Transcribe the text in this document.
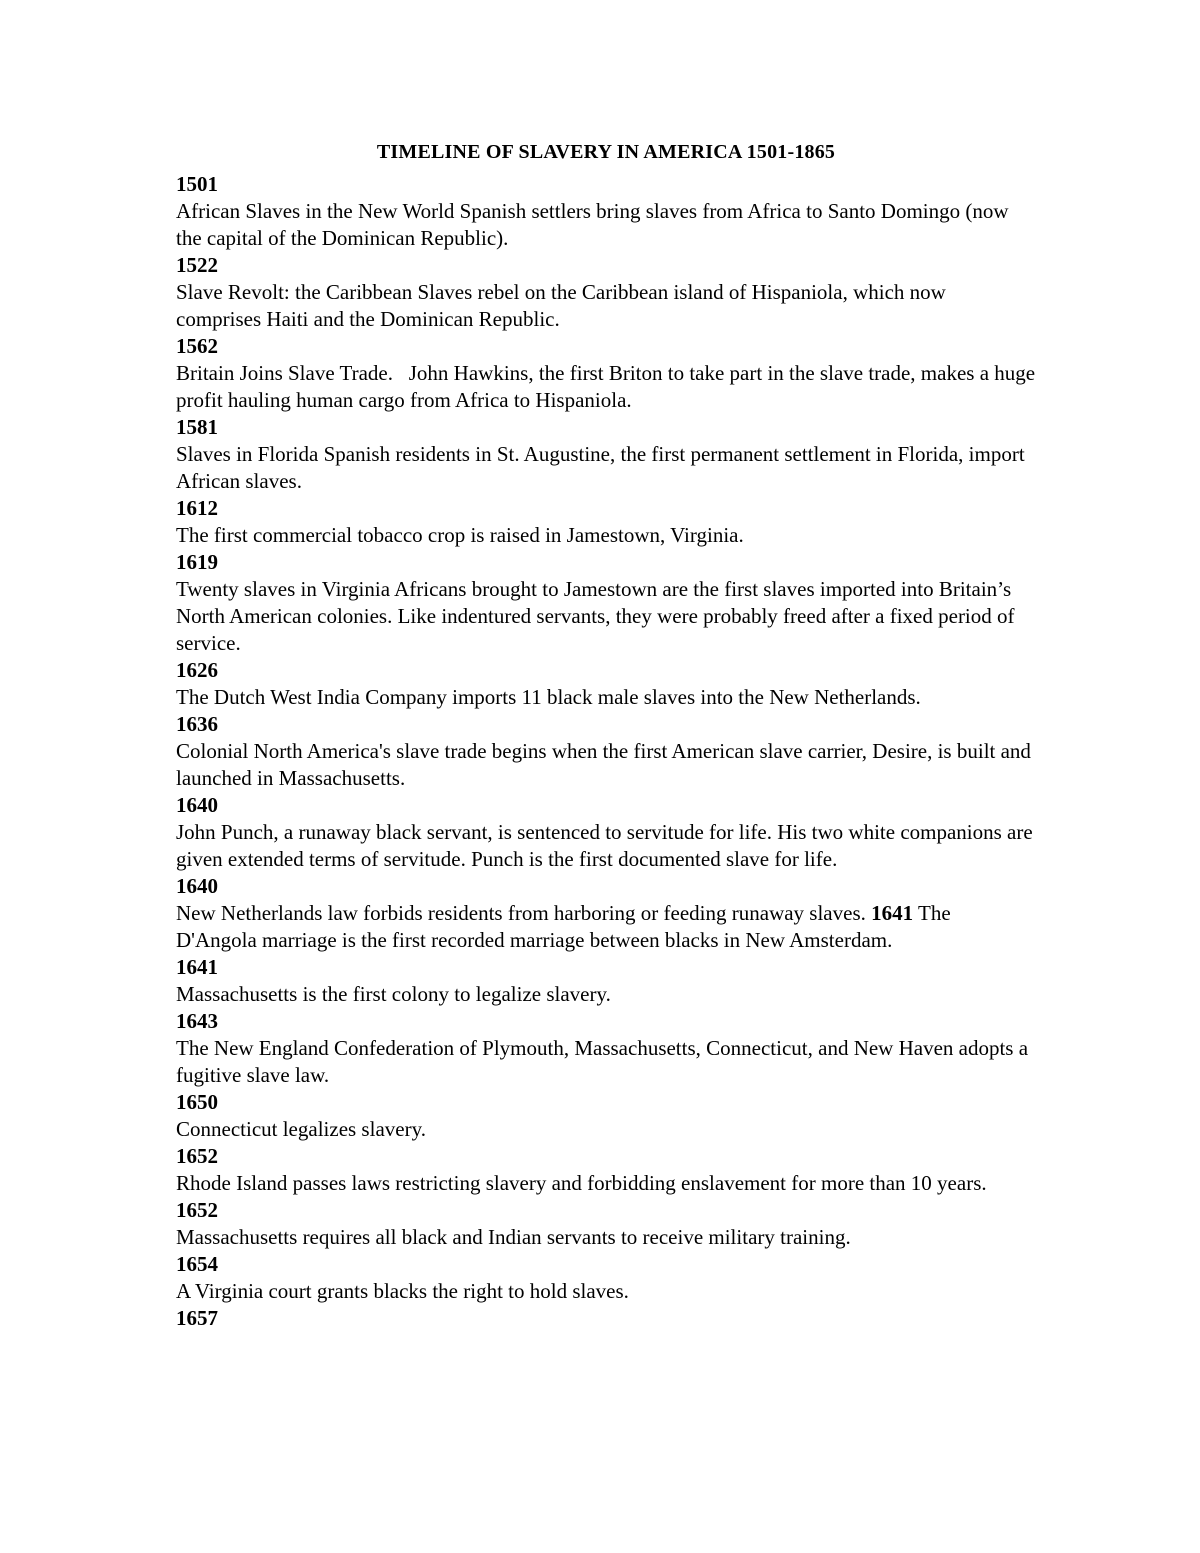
TIMELINE OF SLAVERY IN AMERICA 1501-1865
1501
African Slaves in the New World Spanish settlers bring slaves from Africa to Santo Domingo (now the capital of the Dominican Republic).
1522
Slave Revolt: the Caribbean Slaves rebel on the Caribbean island of Hispaniola, which now comprises Haiti and the Dominican Republic.
1562
Britain Joins Slave Trade.   John Hawkins, the first Briton to take part in the slave trade, makes a huge profit hauling human cargo from Africa to Hispaniola.
1581
Slaves in Florida Spanish residents in St. Augustine, the first permanent settlement in Florida, import African slaves.
1612
The first commercial tobacco crop is raised in Jamestown, Virginia.
1619
Twenty slaves in Virginia Africans brought to Jamestown are the first slaves imported into Britain’s North American colonies. Like indentured servants, they were probably freed after a fixed period of service.
1626
The Dutch West India Company imports 11 black male slaves into the New Netherlands.
1636
Colonial North America's slave trade begins when the first American slave carrier, Desire, is built and launched in Massachusetts.
1640
John Punch, a runaway black servant, is sentenced to servitude for life. His two white companions are given extended terms of servitude. Punch is the first documented slave for life.
1640
New Netherlands law forbids residents from harboring or feeding runaway slaves. 1641 The D'Angola marriage is the first recorded marriage between blacks in New Amsterdam.
1641
Massachusetts is the first colony to legalize slavery.
1643
The New England Confederation of Plymouth, Massachusetts, Connecticut, and New Haven adopts a fugitive slave law.
1650
Connecticut legalizes slavery.
1652
Rhode Island passes laws restricting slavery and forbidding enslavement for more than 10 years.
1652
Massachusetts requires all black and Indian servants to receive military training.
1654
A Virginia court grants blacks the right to hold slaves.
1657
